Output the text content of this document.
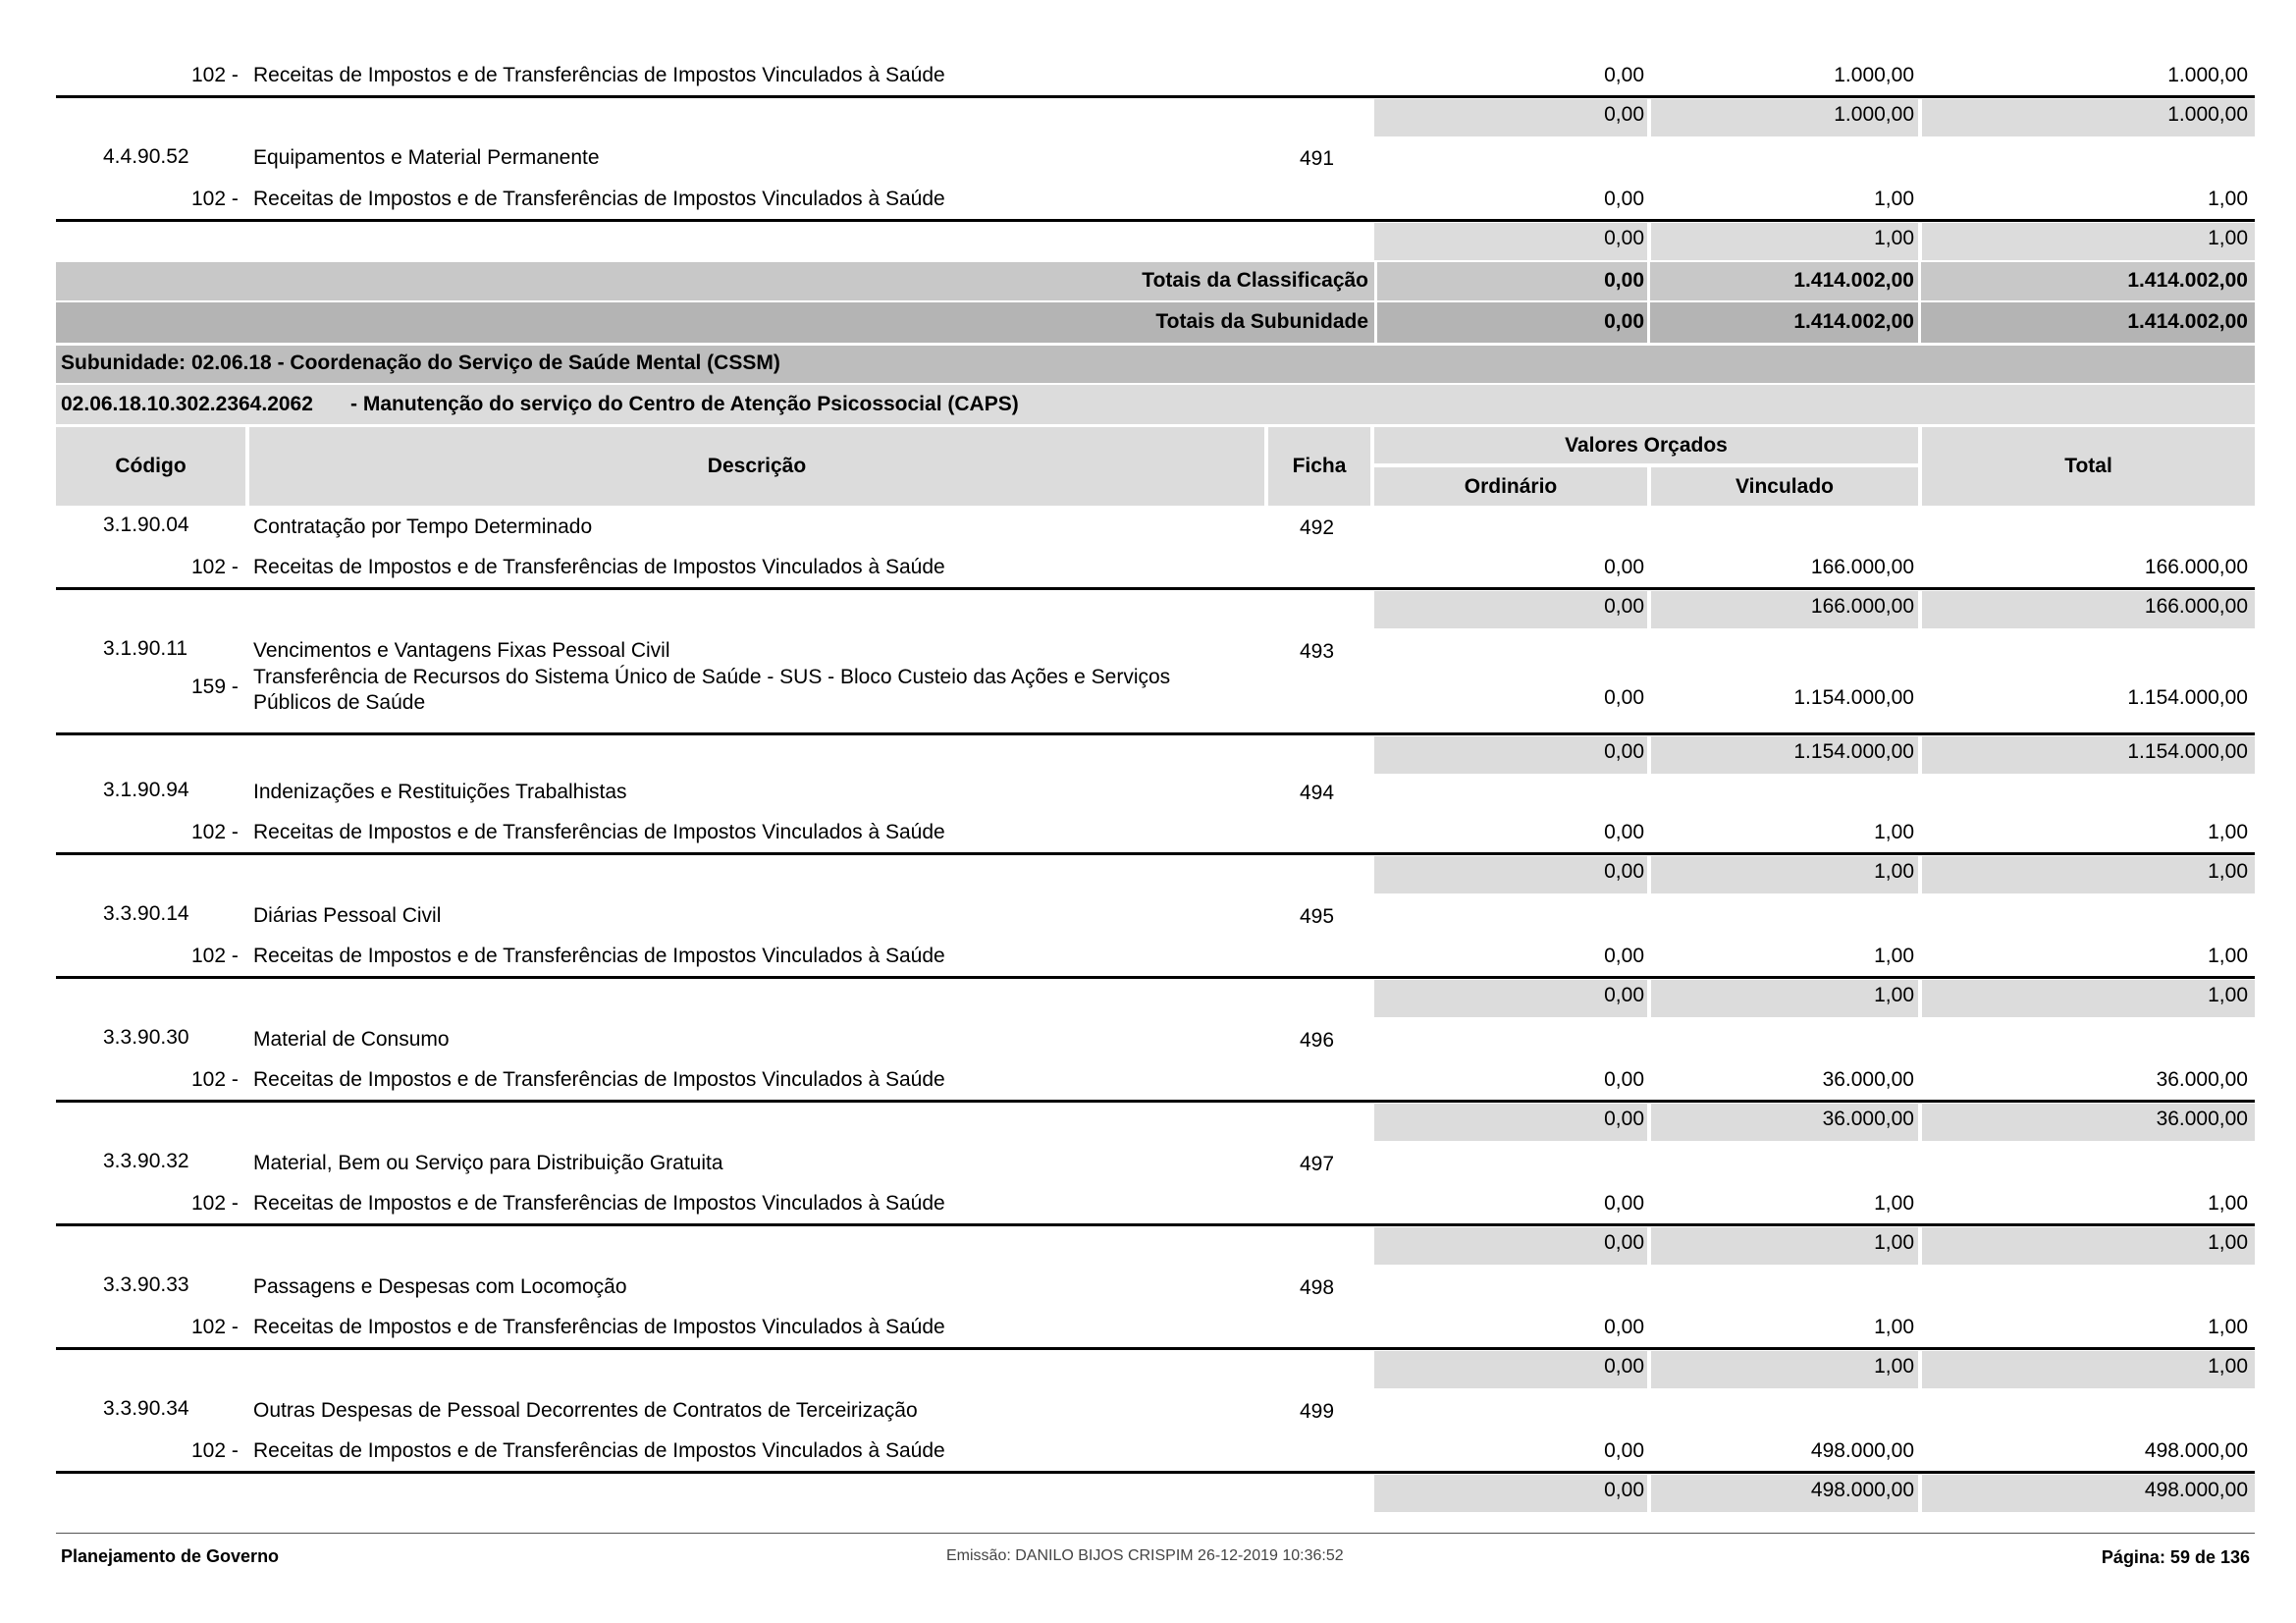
102 - Receitas de Impostos e de Transferências de Impostos Vinculados à Saúde	0,00	1.000,00	1.000,00
0,00	1.000,00	1.000,00
4.4.90.52	Equipamentos e Material Permanente	491
102 - Receitas de Impostos e de Transferências de Impostos Vinculados à Saúde	0,00	1,00	1,00
0,00	1,00	1,00
Totais da Classificação	0,00	1.414.002,00	1.414.002,00
Totais da Subunidade	0,00	1.414.002,00	1.414.002,00
Subunidade: 02.06.18 - Coordenação do Serviço de Saúde Mental (CSSM)
02.06.18.10.302.2364.2062 - Manutenção do serviço do Centro de Atenção Psicossocial (CAPS)
Código	Descrição	Ficha
Valores Orçados
Ordinário	Vinculado
Total
3.1.90.04	Contratação por Tempo Determinado	492
102 - Receitas de Impostos e de Transferências de Impostos Vinculados à Saúde	0,00	166.000,00	166.000,00
0,00	166.000,00	166.000,00
3.1.90.11	Vencimentos e Vantagens Fixas Pessoal Civil	493
159 - Transferência de Recursos do Sistema Único de Saúde - SUS - Bloco Custeio das Ações e Serviços
Públicos de Saúde	0,00	1.154.000,00	1.154.000,00
0,00	1.154.000,00	1.154.000,00
3.1.90.94	Indenizações e Restituições Trabalhistas	494
102 - Receitas de Impostos e de Transferências de Impostos Vinculados à Saúde	0,00	1,00	1,00
0,00	1,00	1,00
3.3.90.14	Diárias Pessoal Civil	495
102 - Receitas de Impostos e de Transferências de Impostos Vinculados à Saúde	0,00	1,00	1,00
0,00	1,00	1,00
3.3.90.30	Material de Consumo	496
102 - Receitas de Impostos e de Transferências de Impostos Vinculados à Saúde	0,00	36.000,00	36.000,00
0,00	36.000,00	36.000,00
3.3.90.32	Material, Bem ou Serviço para Distribuição Gratuita	497
102 - Receitas de Impostos e de Transferências de Impostos Vinculados à Saúde	0,00	1,00	1,00
0,00	1,00	1,00
3.3.90.33	Passagens e Despesas com Locomoção	498
102 - Receitas de Impostos e de Transferências de Impostos Vinculados à Saúde	0,00	1,00	1,00
0,00	1,00	1,00
3.3.90.34	Outras Despesas de Pessoal Decorrentes de Contratos de Terceirização	499
102 - Receitas de Impostos e de Transferências de Impostos Vinculados à Saúde	0,00	498.000,00	498.000,00
0,00	498.000,00	498.000,00
Planejamento de Governo	Emissão: DANILO BIJOS CRISPIM 26-12-2019 10:36:52	Página: 59 de 136
